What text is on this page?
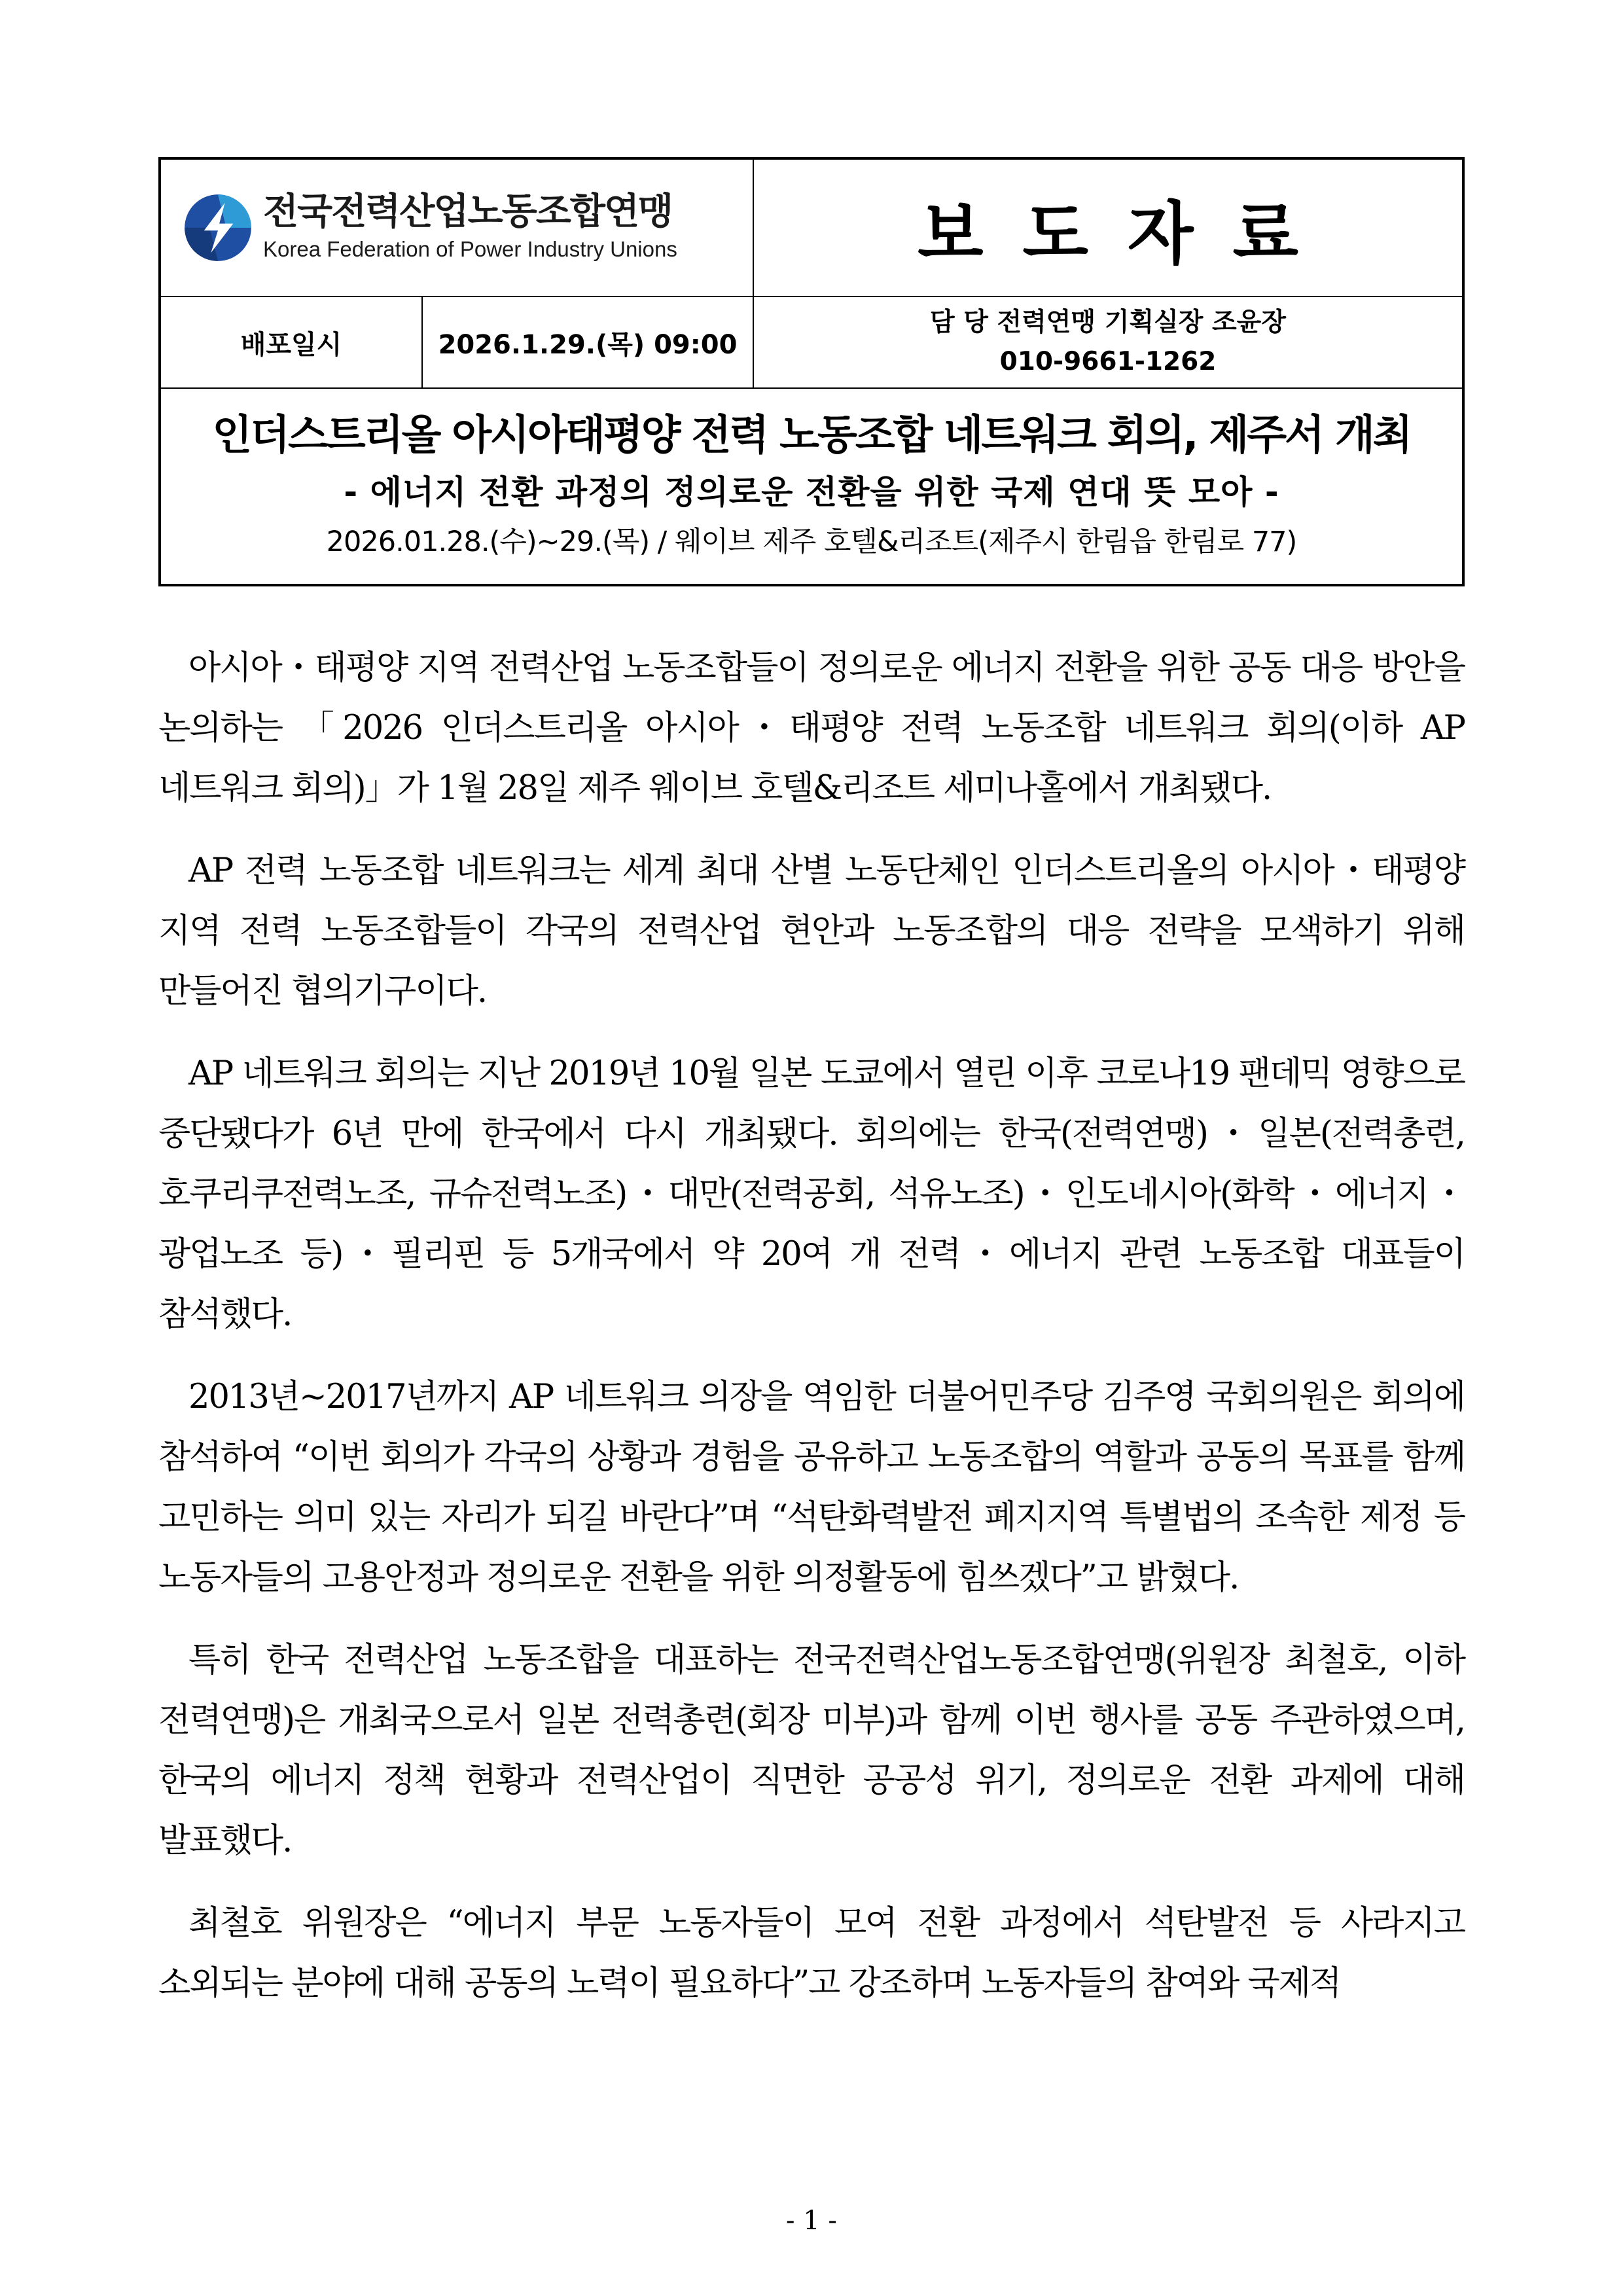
전국전력산업노동조합연맹
Korea Federation of Power Industry Unions	보도자료
배포일시	2026.1.29.(목) 09:00
담 당 전력연맹 기획실장 조윤장
010-9661-1262
인더스트리올 아시아태평양 전력 노동조합 네트워크 회의, 제주서 개최
- 에너지 전환 과정의 정의로운 전환을 위한 국제 연대 뜻 모아 -
2026.01.28.(수)~29.(목) / 웨이브 제주 호텔&리조트(제주시 한림읍 한림로 77)

아시아・태평양 지역 전력산업 노동조합들이 정의로운 에너지 전환을 위한 공동 대응 방안을 논의하는 「2026 인더스트리올 아시아・태평양 전력 노동조합 네트워크 회의(이하 AP 네트워크 회의)」가 1월 28일 제주 웨이브 호텔&리조트 세미나홀에서 개최됐다.

AP 전력 노동조합 네트워크는 세계 최대 산별 노동단체인 인더스트리올의 아시아・태평양 지역 전력 노동조합들이 각국의 전력산업 현안과 노동조합의 대응 전략을 모색하기 위해 만들어진 협의기구이다.

AP 네트워크 회의는 지난 2019년 10월 일본 도쿄에서 열린 이후 코로나19 팬데믹 영향으로 중단됐다가 6년 만에 한국에서 다시 개최됐다. 회의에는 한국(전력연맹)・일본(전력총련, 호쿠리쿠전력노조, 규슈전력노조)・대만(전력공회, 석유노조)・인도네시아(화학・에너지・광업노조 등)・필리핀 등 5개국에서 약 20여 개 전력・에너지 관련 노동조합 대표들이 참석했다.

2013년~2017년까지 AP 네트워크 의장을 역임한 더불어민주당 김주영 국회의원은 회의에 참석하여 “이번 회의가 각국의 상황과 경험을 공유하고 노동조합의 역할과 공동의 목표를 함께 고민하는 의미 있는 자리가 되길 바란다”며 “석탄화력발전 폐지지역 특별법의 조속한 제정 등 노동자들의 고용안정과 정의로운 전환을 위한 의정활동에 힘쓰겠다”고 밝혔다.

특히 한국 전력산업 노동조합을 대표하는 전국전력산업노동조합연맹(위원장 최철호, 이하 전력연맹)은 개최국으로서 일본 전력총련(회장 미부)과 함께 이번 행사를 공동 주관하였으며, 한국의 에너지 정책 현황과 전력산업이 직면한 공공성 위기, 정의로운 전환 과제에 대해 발표했다.

최철호 위원장은 “에너지 부문 노동자들이 모여 전환 과정에서 석탄발전 등 사라지고 소외되는 분야에 대해 공동의 노력이 필요하다”고 강조하며 노동자들의 참여와 국제적

- 1 -
